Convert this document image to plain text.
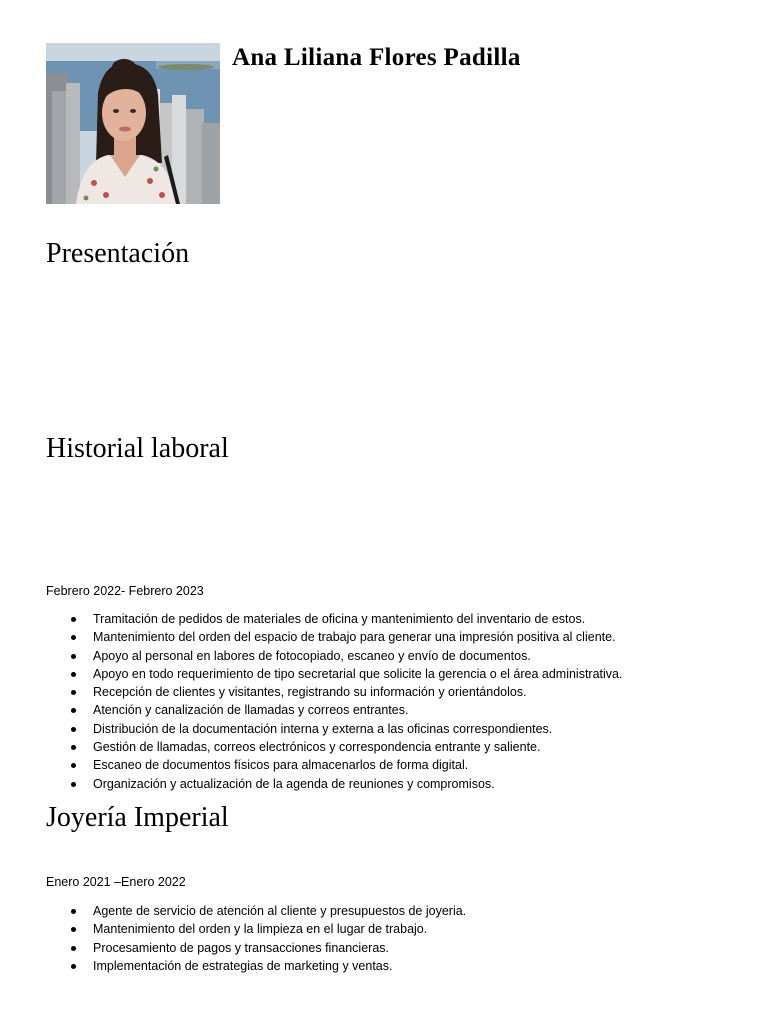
Ana Liliana Flores Padilla
Presentación
Historial laboral
Febrero 2022- Febrero 2023
Tramitación de pedidos de materiales de oficina y mantenimiento del inventario de estos.
Mantenimiento del orden del espacio de trabajo para generar una impresión positiva al cliente.
Apoyo al personal en labores de fotocopiado, escaneo y envío de documentos.
Apoyo en todo requerimiento de tipo secretarial que solicite la gerencia o el área administrativa.
Recepción de clientes y visitantes, registrando su información y orientándolos.
Atención y canalización de llamadas y correos entrantes.
Distribución de la documentación interna y externa a las oficinas correspondientes.
Gestión de llamadas, correos electrónicos y correspondencia entrante y saliente.
Escaneo de documentos físicos para almacenarlos de forma digital.
Organización y actualización de la agenda de reuniones y compromisos.
Joyería Imperial
Enero 2021 –Enero 2022
Agente de servicio de atención al cliente y presupuestos de joyeria.
Mantenimiento del orden y la limpieza en el lugar de trabajo.
Procesamiento de pagos y transacciones financieras.
Implementación de estrategias de marketing y ventas.
